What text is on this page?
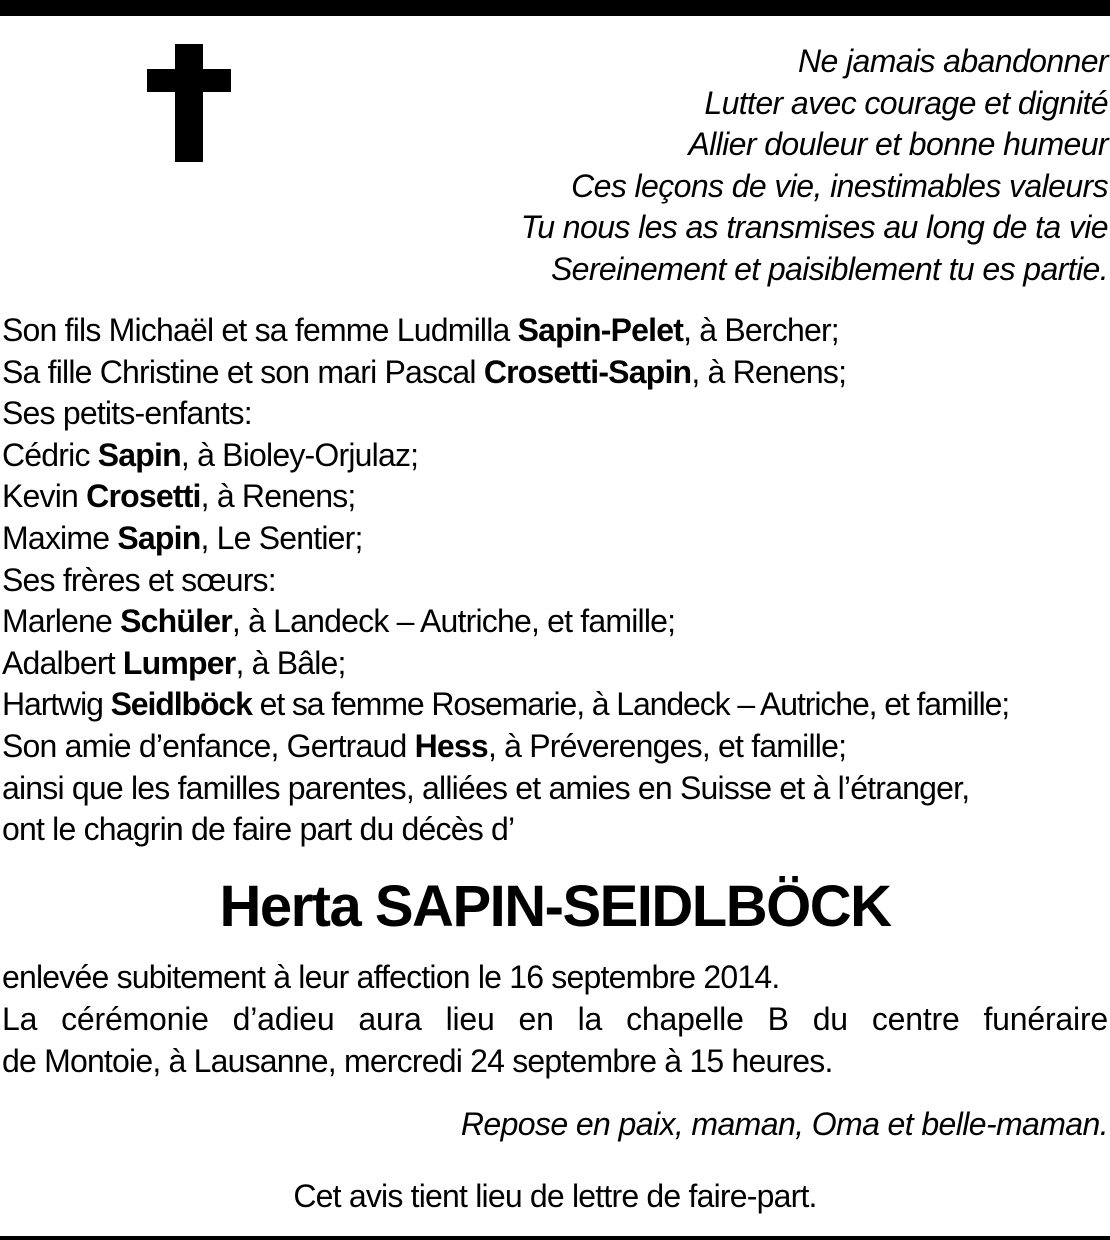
Ne jamais abandonner
Lutter avec courage et dignité
Allier douleur et bonne humeur
Ces leçons de vie, inestimables valeurs
Tu nous les as transmises au long de ta vie
Sereinement et paisiblement tu es partie.
Son fils Michaël et sa femme Ludmilla Sapin-Pelet, à Bercher;
Sa fille Christine et son mari Pascal Crosetti-Sapin, à Renens;
Ses petits-enfants:
Cédric Sapin, à Bioley-Orjulaz;
Kevin Crosetti, à Renens;
Maxime Sapin, Le Sentier;
Ses frères et sœurs:
Marlene Schüler, à Landeck – Autriche, et famille;
Adalbert Lumper, à Bâle;
Hartwig Seidlböck et sa femme Rosemarie, à Landeck – Autriche, et famille;
Son amie d’enfance, Gertraud Hess, à Préverenges, et famille;
ainsi que les familles parentes, alliées et amies en Suisse et à l’étranger,
ont le chagrin de faire part du décès d’
Herta SAPIN-SEIDLBÖCK
enlevée subitement à leur affection le 16 septembre 2014.
La cérémonie d’adieu aura lieu en la chapelle B du centre funéraire
de Montoie, à Lausanne, mercredi 24 septembre à 15 heures.
Repose en paix, maman, Oma et belle-maman.
Cet avis tient lieu de lettre de faire-part.
